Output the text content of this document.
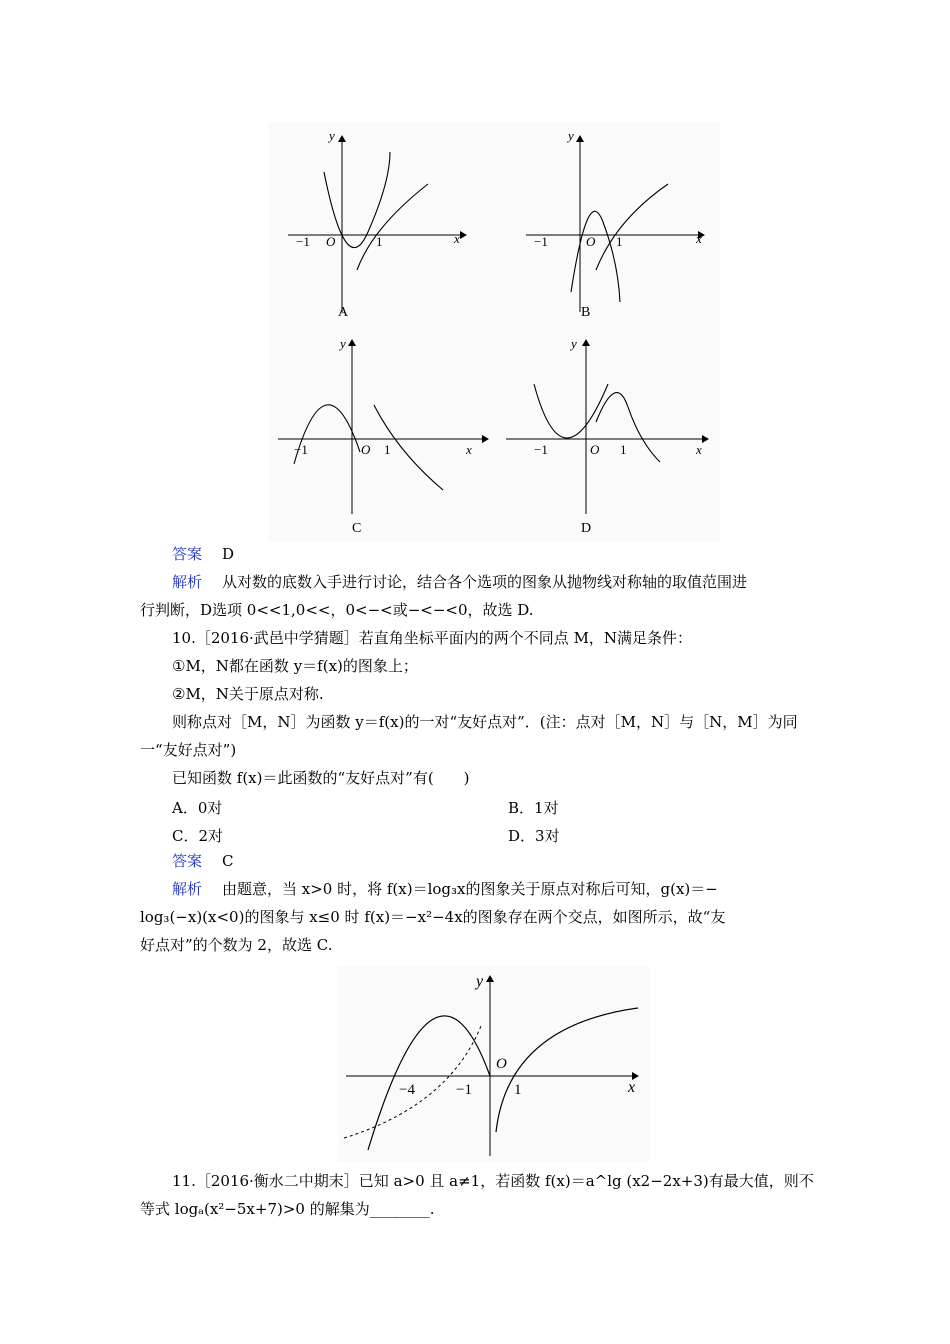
−1 O	1	x
y
A
−1	O 1	x
y
B
−1	O 1	x
y
C
−1	O 1	x
y
D
答案 D
解析 从对数的底数入手进行讨论，结合各个选项的图象从抛物线对称轴的取值范围进
行判断，D选项 0<<1,0<<，0<−<或−<−<0，故选 D.
10.［2016·武邑中学猜题］若直角坐标平面内的两个不同点 M，N满足条件：
①M，N都在函数 y＝f(x)的图象上；
②M，N关于原点对称.
则称点对［M，N］为函数 y＝f(x)的一对“友好点对”．(注：点对［M，N］与［N，M］为同
一“友好点对”)
已知函数 f(x)＝此函数的“友好点对”有(　　)
A．0对	B．1对
C．2对	D．3对
答案 C
解析 由题意，当 x>0 时，将 f(x)＝log₃x的图象关于原点对称后可知，g(x)＝−
log₃(−x)(x<0)的图象与 x≤0 时 f(x)＝−x²−4x的图象存在两个交点，如图所示，故“友
好点对”的个数为 2，故选 C.
−4	−1
O
1	x
y
11.［2016·衡水二中期末］已知 a>0 且 a≠1，若函数 f(x)＝a^lg (x2−2x+3)有最大值，则不
等式 logₐ(x²−5x+7)>0 的解集为________.
